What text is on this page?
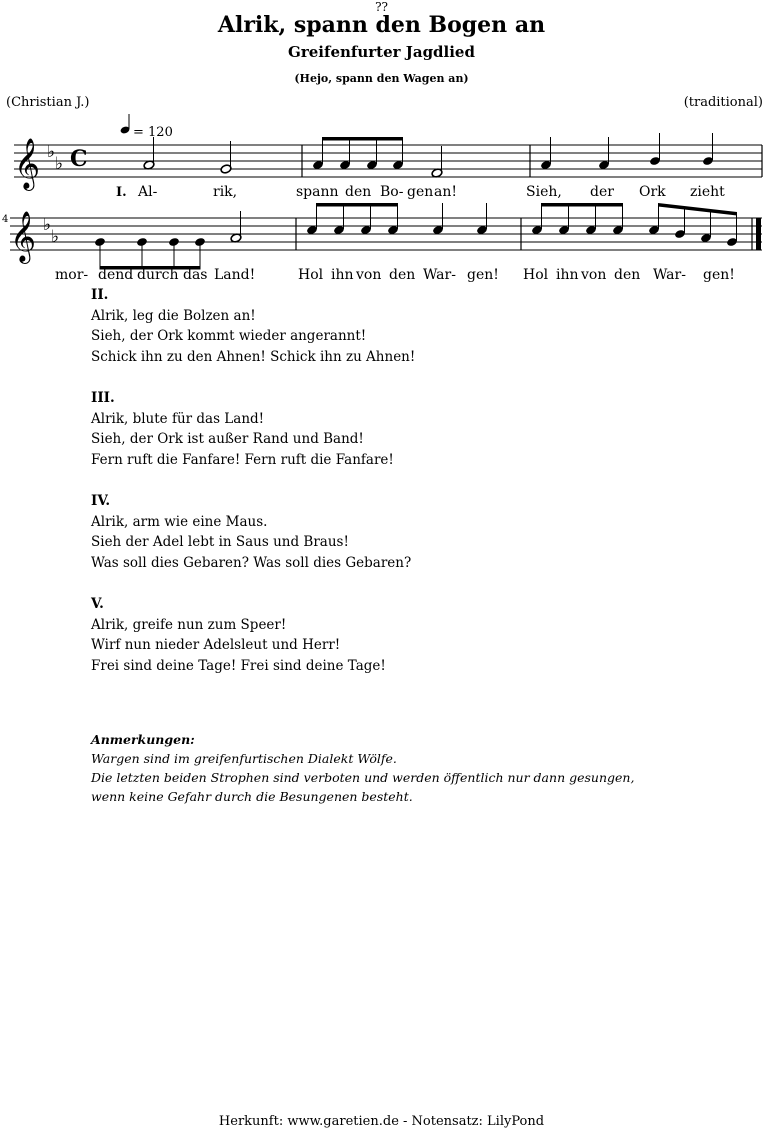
??
Alrik, spann den Bogen an
Greifenfurter Jagdlied
(Hejo, spann den Wagen an)
(Christian J.)	(traditional)
𝄞 ♭
♭ C
= 120
I. Al-	rik,	spann den Bo- gen an!	Sieh, der Ork zieht
4 𝄞 ♭
♭
mor- dend durch das Land!	Hol ihn von den War- gen! Hol ihn von den War- gen!
II.
Alrik, leg die Bolzen an!
Sieh, der Ork kommt wieder angerannt!
Schick ihn zu den Ahnen! Schick ihn zu Ahnen!
III.
Alrik, blute für das Land!
Sieh, der Ork ist außer Rand und Band!
Fern ruft die Fanfare! Fern ruft die Fanfare!
IV.
Alrik, arm wie eine Maus.
Sieh der Adel lebt in Saus und Braus!
Was soll dies Gebaren? Was soll dies Gebaren?
V.
Alrik, greife nun zum Speer!
Wirf nun nieder Adelsleut und Herr!
Frei sind deine Tage! Frei sind deine Tage!
Anmerkungen:
Wargen sind im greifenfurtischen Dialekt Wölfe.
Die letzten beiden Strophen sind verboten und werden öffentlich nur dann gesungen,
wenn keine Gefahr durch die Besungenen besteht.
Herkunft: www.garetien.de - Notensatz: LilyPond
